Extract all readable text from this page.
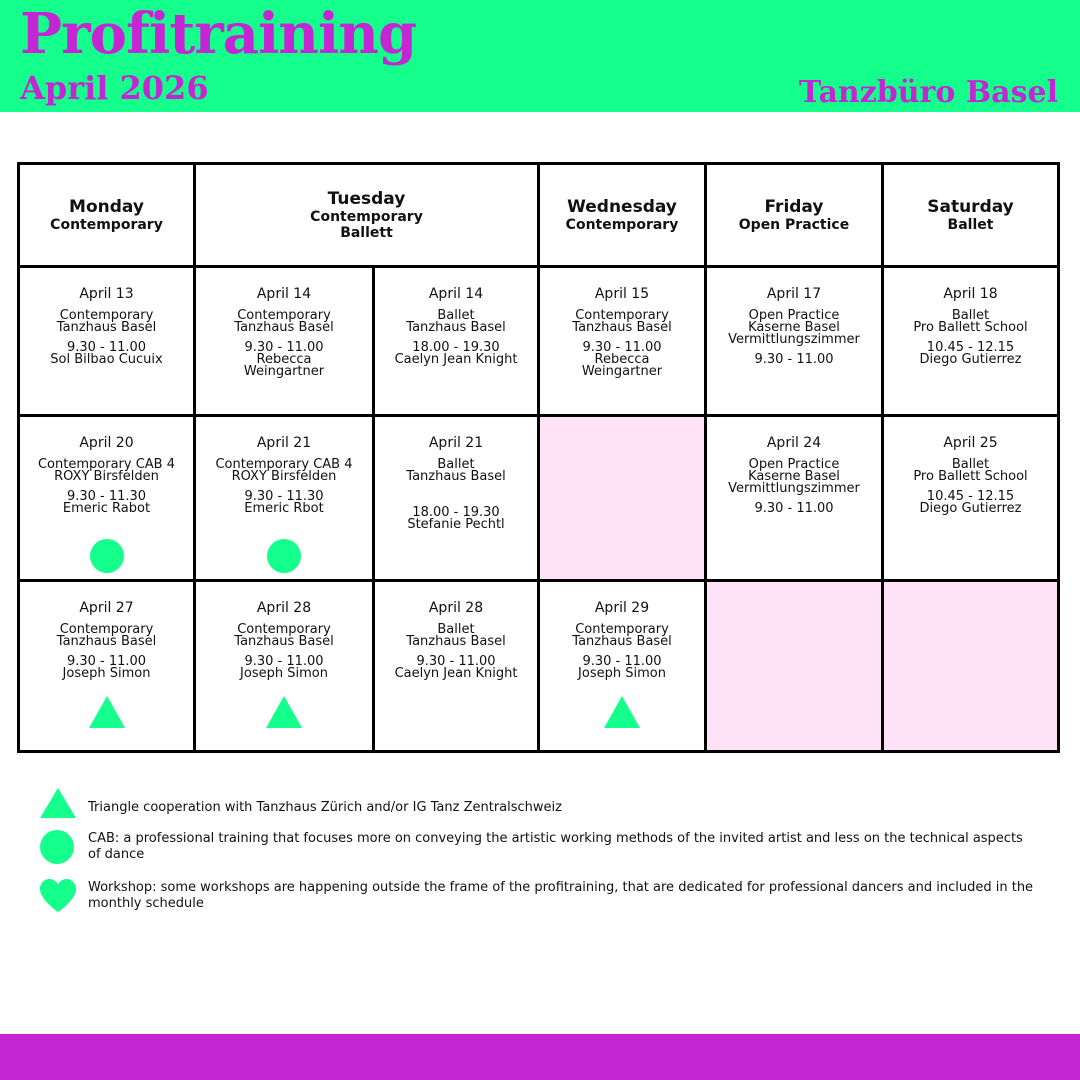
Profitraining
April 2026	Tanzbüro Basel
Monday
Contemporary
Tuesday
Contemporary
Ballett
Wednesday
Contemporary
Friday
Open Practice
Saturday
Ballet
April 13
Contemporary
Tanzhaus Basel
9.30 - 11.00
Sol Bilbao Cucuix
April 14
Contemporary
Tanzhaus Basel
9.30 - 11.00
Rebecca
Weingartner
April 14
Ballet
Tanzhaus Basel
18.00 - 19.30
Caelyn Jean Knight
April 15
Contemporary
Tanzhaus Basel
9.30 - 11.00
Rebecca
Weingartner
April 17
Open Practice
Kaserne Basel
Vermittlungszimmer
9.30 - 11.00
April 18
Ballet
Pro Ballett School
10.45 - 12.15
Diego Gutierrez
April 20
Contemporary CAB 4
ROXY Birsfelden
9.30 - 11.30
Emeric Rabot
April 21
Contemporary CAB 4
ROXY Birsfelden
9.30 - 11.30
Emeric Rbot
April 21
Ballet
Tanzhaus Basel
18.00 - 19.30
Stefanie Pechtl
April 24
Open Practice
Kaserne Basel
Vermittlungszimmer
9.30 - 11.00
April 25
Ballet
Pro Ballett School
10.45 - 12.15
Diego Gutierrez
April 27
Contemporary
Tanzhaus Basel
9.30 - 11.00
Joseph Simon
April 28
Contemporary
Tanzhaus Basel
9.30 - 11.00
Joseph Simon
April 28
Ballet
Tanzhaus Basel
9.30 - 11.00
Caelyn Jean Knight
April 29
Contemporary
Tanzhaus Basel
9.30 - 11.00
Joseph Simon
Triangle cooperation with Tanzhaus Zürich and/or IG Tanz Zentralschweiz
CAB: a professional training that focuses more on conveying the artistic working methods of the invited artist and less on the technical aspects of dance
Workshop: some workshops are happening outside the frame of the profitraining, that are dedicated for professional dancers and included in the monthly schedule
